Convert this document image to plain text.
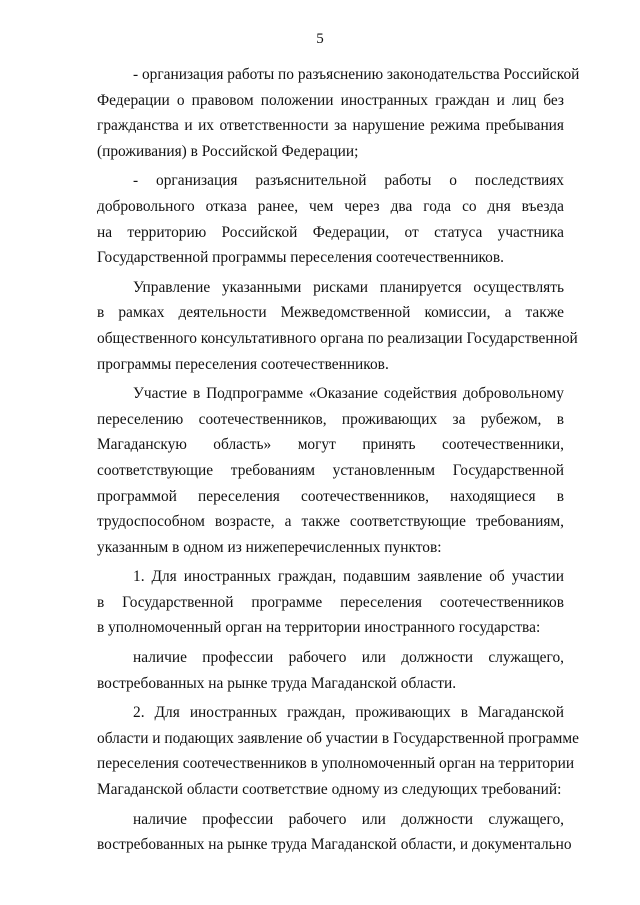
5
- организация работы по разъяснению законодательства Российской
Федерации о правовом положении иностранных граждан и лиц без
гражданства и их ответственности за нарушение режима пребывания
(проживания) в Российской Федерации;
- организация разъяснительной работы о последствиях
добровольного отказа ранее, чем через два года со дня въезда
на территорию Российской Федерации, от статуса участника
Государственной программы переселения соотечественников.
Управление указанными рисками планируется осуществлять
в рамках деятельности Межведомственной комиссии, а также
общественного консультативного органа по реализации Государственной
программы переселения соотечественников.
Участие в Подпрограмме «Оказание содействия добровольному
переселению соотечественников, проживающих за рубежом, в
Магаданскую область» могут принять соотечественники,
соответствующие требованиям установленным Государственной
программой переселения соотечественников, находящиеся в
трудоспособном возрасте, а также соответствующие требованиям,
указанным в одном из нижеперечисленных пунктов:
1. Для иностранных граждан, подавшим заявление об участии
в Государственной программе переселения соотечественников
в уполномоченный орган на территории иностранного государства:
наличие профессии рабочего или должности служащего,
востребованных на рынке труда Магаданской области.
2. Для иностранных граждан, проживающих в Магаданской
области и подающих заявление об участии в Государственной программе
переселения соотечественников в уполномоченный орган на территории
Магаданской области соответствие одному из следующих требований:
наличие профессии рабочего или должности служащего,
востребованных на рынке труда Магаданской области, и документально
